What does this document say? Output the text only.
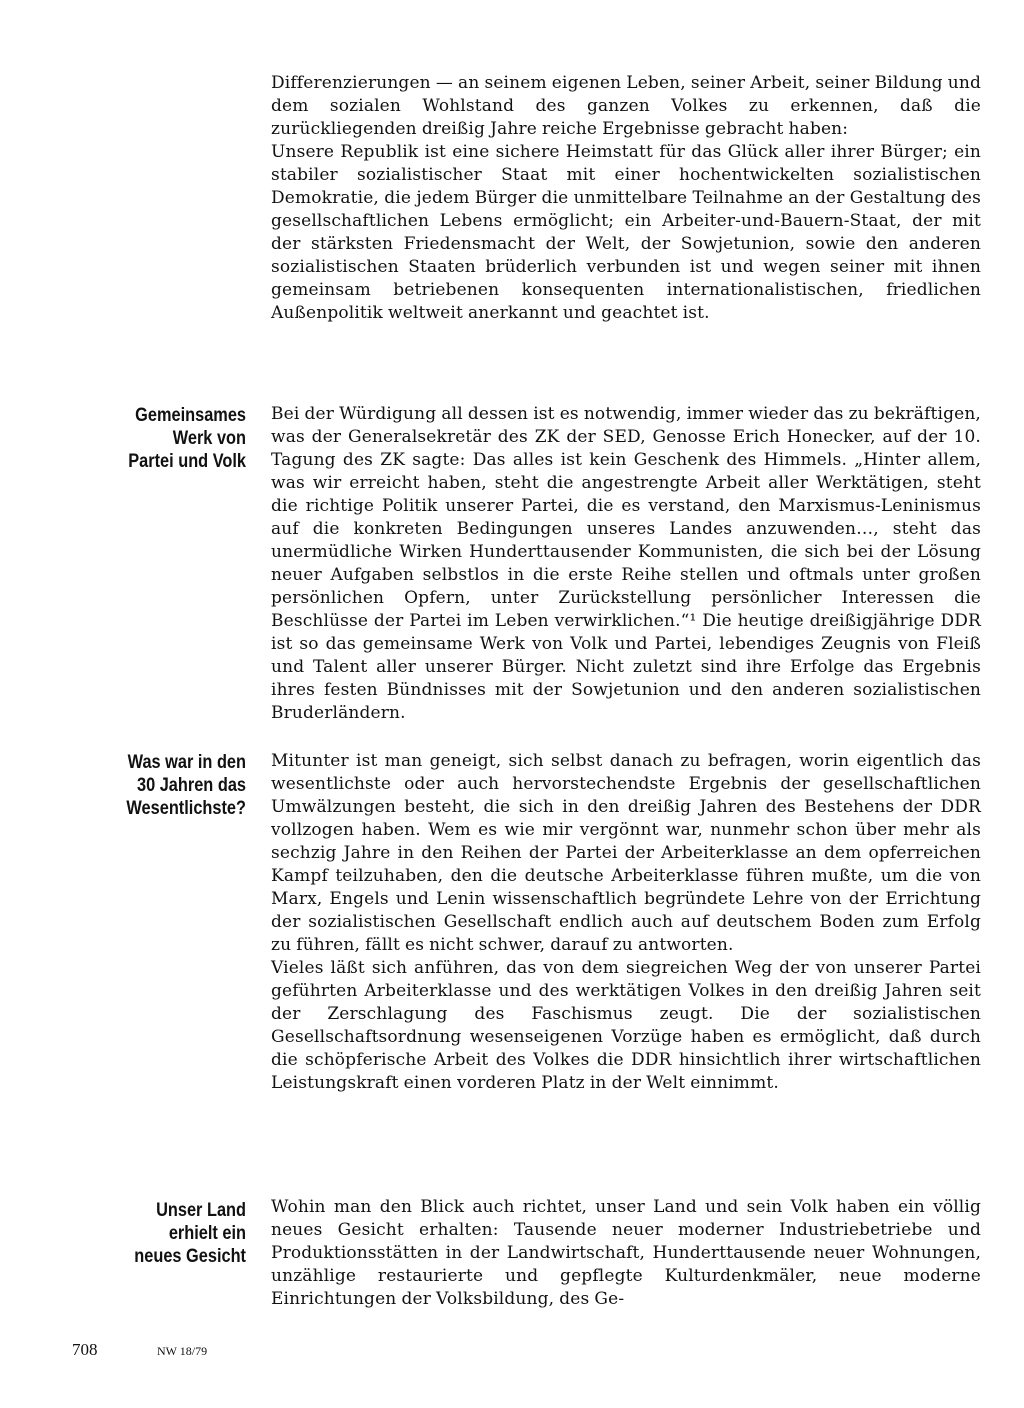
Differenzierungen — an seinem eigenen Leben, seiner Arbeit, seiner Bildung und dem sozialen Wohlstand des ganzen Volkes zu erkennen, daß die zurückliegenden dreißig Jahre reiche Ergebnisse gebracht haben:

Unsere Republik ist eine sichere Heimstatt für das Glück aller ihrer Bürger; ein stabiler sozialistischer Staat mit einer hochentwickelten sozialistischen Demokratie, die jedem Bürger die unmittelbare Teilnahme an der Gestaltung des gesellschaftlichen Lebens ermöglicht; ein Arbeiter-und-Bauern-Staat, der mit der stärksten Friedensmacht der Welt, der Sowjetunion, sowie den anderen sozialistischen Staaten brüderlich verbunden ist und wegen seiner mit ihnen gemeinsam betriebenen konsequenten internationalistischen, friedlichen Außenpolitik weltweit anerkannt und geachtet ist.

Gemeinsames
Werk von
Partei und Volk

Bei der Würdigung all dessen ist es notwendig, immer wieder das zu bekräftigen, was der Generalsekretär des ZK der SED, Genosse Erich Honecker, auf der 10. Tagung des ZK sagte: Das alles ist kein Geschenk des Himmels. „Hinter allem, was wir erreicht haben, steht die angestrengte Arbeit aller Werktätigen, steht die richtige Politik unserer Partei, die es verstand, den Marxismus-Leninismus auf die konkreten Bedingungen unseres Landes anzuwenden…, steht das unermüdliche Wirken Hunderttausender Kommunisten, die sich bei der Lösung neuer Aufgaben selbstlos in die erste Reihe stellen und oftmals unter großen persönlichen Opfern, unter Zurückstellung persönlicher Interessen die Beschlüsse der Partei im Leben verwirklichen.“¹ Die heutige dreißigjährige DDR ist so das gemeinsame Werk von Volk und Partei, lebendiges Zeugnis von Fleiß und Talent aller unserer Bürger. Nicht zuletzt sind ihre Erfolge das Ergebnis ihres festen Bündnisses mit der Sowjetunion und den anderen sozialistischen Bruderländern.

Was war in den
30 Jahren das
Wesentlichste?

Mitunter ist man geneigt, sich selbst danach zu befragen, worin eigentlich das wesentlichste oder auch hervorstechendste Ergebnis der gesellschaftlichen Umwälzungen besteht, die sich in den dreißig Jahren des Bestehens der DDR vollzogen haben. Wem es wie mir vergönnt war, nunmehr schon über mehr als sechzig Jahre in den Reihen der Partei der Arbeiterklasse an dem opferreichen Kampf teilzuhaben, den die deutsche Arbeiterklasse führen mußte, um die von Marx, Engels und Lenin wissenschaftlich begründete Lehre von der Errichtung der sozialistischen Gesellschaft endlich auch auf deutschem Boden zum Erfolg zu führen, fällt es nicht schwer, darauf zu antworten.

Vieles läßt sich anführen, das von dem siegreichen Weg der von unserer Partei geführten Arbeiterklasse und des werktätigen Volkes in den dreißig Jahren seit der Zerschlagung des Faschismus zeugt. Die der sozialistischen Gesellschaftsordnung wesenseigenen Vorzüge haben es ermöglicht, daß durch die schöpferische Arbeit des Volkes die DDR hinsichtlich ihrer wirtschaftlichen Leistungskraft einen vorderen Platz in der Welt einnimmt.

Unser Land
erhielt ein
neues Gesicht

Wohin man den Blick auch richtet, unser Land und sein Volk haben ein völlig neues Gesicht erhalten: Tausende neuer moderner Industriebetriebe und Produktionsstätten in der Landwirtschaft, Hunderttausende neuer Wohnungen, unzählige restaurierte und gepflegte Kulturdenkmäler, neue moderne Einrichtungen der Volksbildung, des Ge-

708	NW 18/79
